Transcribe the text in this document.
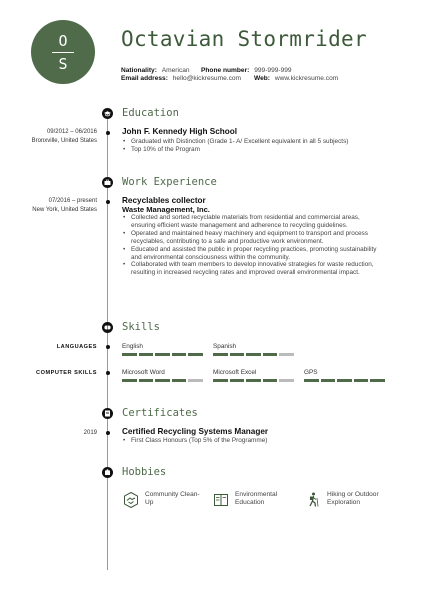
O
S
Octavian Stormrider
Nationality: American Phone number: 999-999-999
Email address: hello@kickresume.com Web: www.kickresume.com
Education
09/2012 – 06/2016
Bronxville, United States
John F. Kennedy High School
• Graduated with Distinction (Grade 1- A/ Excellent equivalent in all 5 subjects)
• Top 10% of the Program
Work Experience
07/2016 – present
New York, United States
Recyclables collector
Waste Management, Inc.
• Collected and sorted recyclable materials from residential and commercial areas, ensuring efficient waste management and adherence to recycling guidelines.
• Operated and maintained heavy machinery and equipment to transport and process recyclables, contributing to a safe and productive work environment.
• Educated and assisted the public in proper recycling practices, promoting sustainability and environmental consciousness within the community.
• Collaborated with team members to develop innovative strategies for waste reduction, resulting in increased recycling rates and improved overall environmental impact.
Skills
LANGUAGES	English	Spanish
COMPUTER SKILLS	Microsoft Word	Microsoft Excel	GPS
Certificates
2019	Certified Recycling Systems Manager
• First Class Honours (Top 5% of the Programme)
Hobbies
Community Clean-
Up
Environmental
Education
Hiking or Outdoor
Exploration
